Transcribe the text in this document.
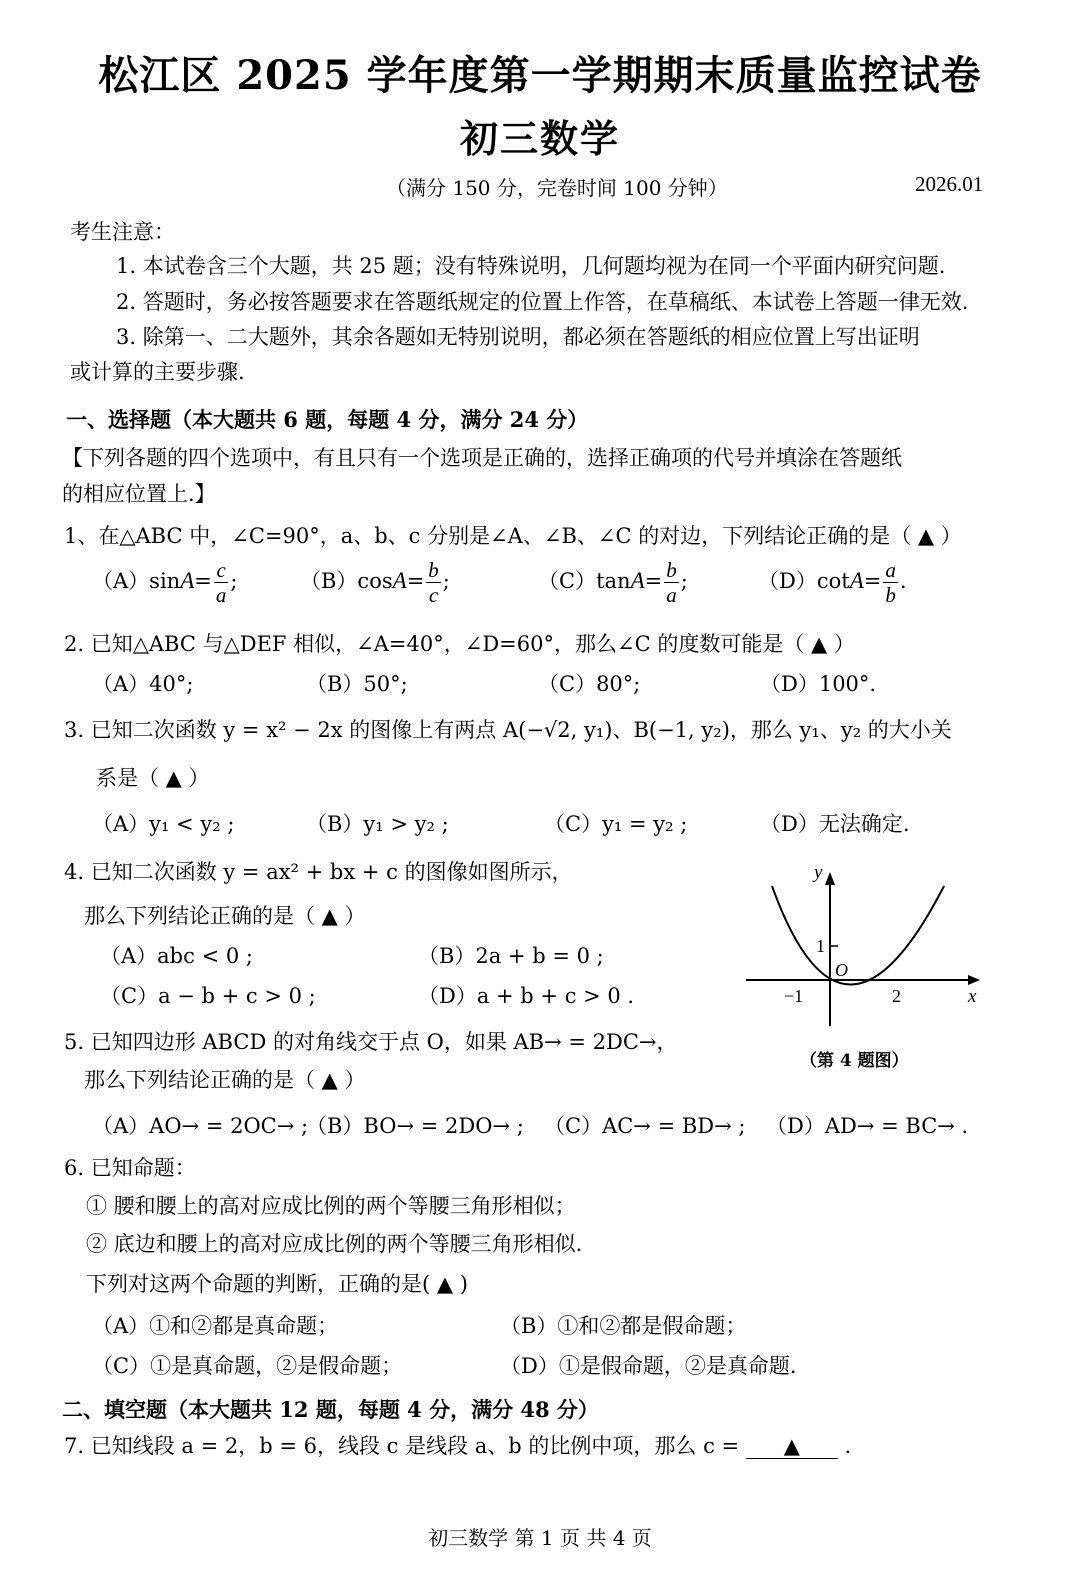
松江区 2025 学年度第一学期期末质量监控试卷
初三数学
（满分 150 分，完卷时间 100 分钟）	2026.01
考生注意：
1. 本试卷含三个大题，共 25 题；没有特殊说明，几何题均视为在同一个平面内研究问题.
2. 答题时，务必按答题要求在答题纸规定的位置上作答，在草稿纸、本试卷上答题一律无效.
3. 除第一、二大题外，其余各题如无特别说明，都必须在答题纸的相应位置上写出证明
或计算的主要步骤.
一、选择题（本大题共 6 题，每题 4 分，满分 24 分）
【下列各题的四个选项中，有且只有一个选项是正确的，选择正确项的代号并填涂在答题纸
的相应位置上.】
1、在△ABC 中，∠C=90°，a、b、c 分别是∠A、∠B、∠C 的对边，下列结论正确的是（ ▲ ）
$(A)\sin A= \frac{c}{a}$ ;	$(B)\cos A= \frac{b}{c}$ ;	$(C)\tan A= \frac{b}{a}$ ;	$(D)\cot A= \frac{a}{b}$ .
2. 已知△ABC 与△DEF 相似，∠A=40°，∠D=60°，那么∠C 的度数可能是（ ▲ ）
（A）40°;	（B）50°;	（C）80°;	（D）100°.
3. 已知二次函数 y = x² − 2x 的图像上有两点 A(−√2, y₁)、B(−1, y₂)，那么 y₁、y₂ 的大小关
系是（ ▲ ）
（A）y₁ < y₂ ;	（B）y₁ > y₂ ;	（C）y₁ = y₂ ;	（D）无法确定.
4. 已知二次函数 y = ax² + bx + c 的图像如图所示，
那么下列结论正确的是（ ▲ ）
（A）abc < 0 ;	（B）2a + b = 0 ;
（C）a − b + c > 0 ;	（D）a + b + c > 0 .
y
x
O
1
−1	2
（第 4 题图）
5. 已知四边形 ABCD 的对角线交于点 O，如果 AB→ = 2DC→，
那么下列结论正确的是（ ▲ ）
（A）AO→ = 2OC→ ;
（B）BO→ = 2DO→ ; （C）AC→ = BD→ ; （D）AD→ = BC→ .
6. 已知命题：
① 腰和腰上的高对应成比例的两个等腰三角形相似；
② 底边和腰上的高对应成比例的两个等腰三角形相似.
下列对这两个命题的判断，正确的是( ▲ )
（A）①和②都是真命题；	（B）①和②都是假命题；
（C）①是真命题，②是假命题；	（D）①是假命题，②是真命题.
二、填空题（本大题共 12 题，每题 4 分，满分 48 分）
7. 已知线段 a = 2，b = 6，线段 c 是线段 a、b 的比例中项，那么 c = ▲ .
初三数学 第 1 页 共 4 页
